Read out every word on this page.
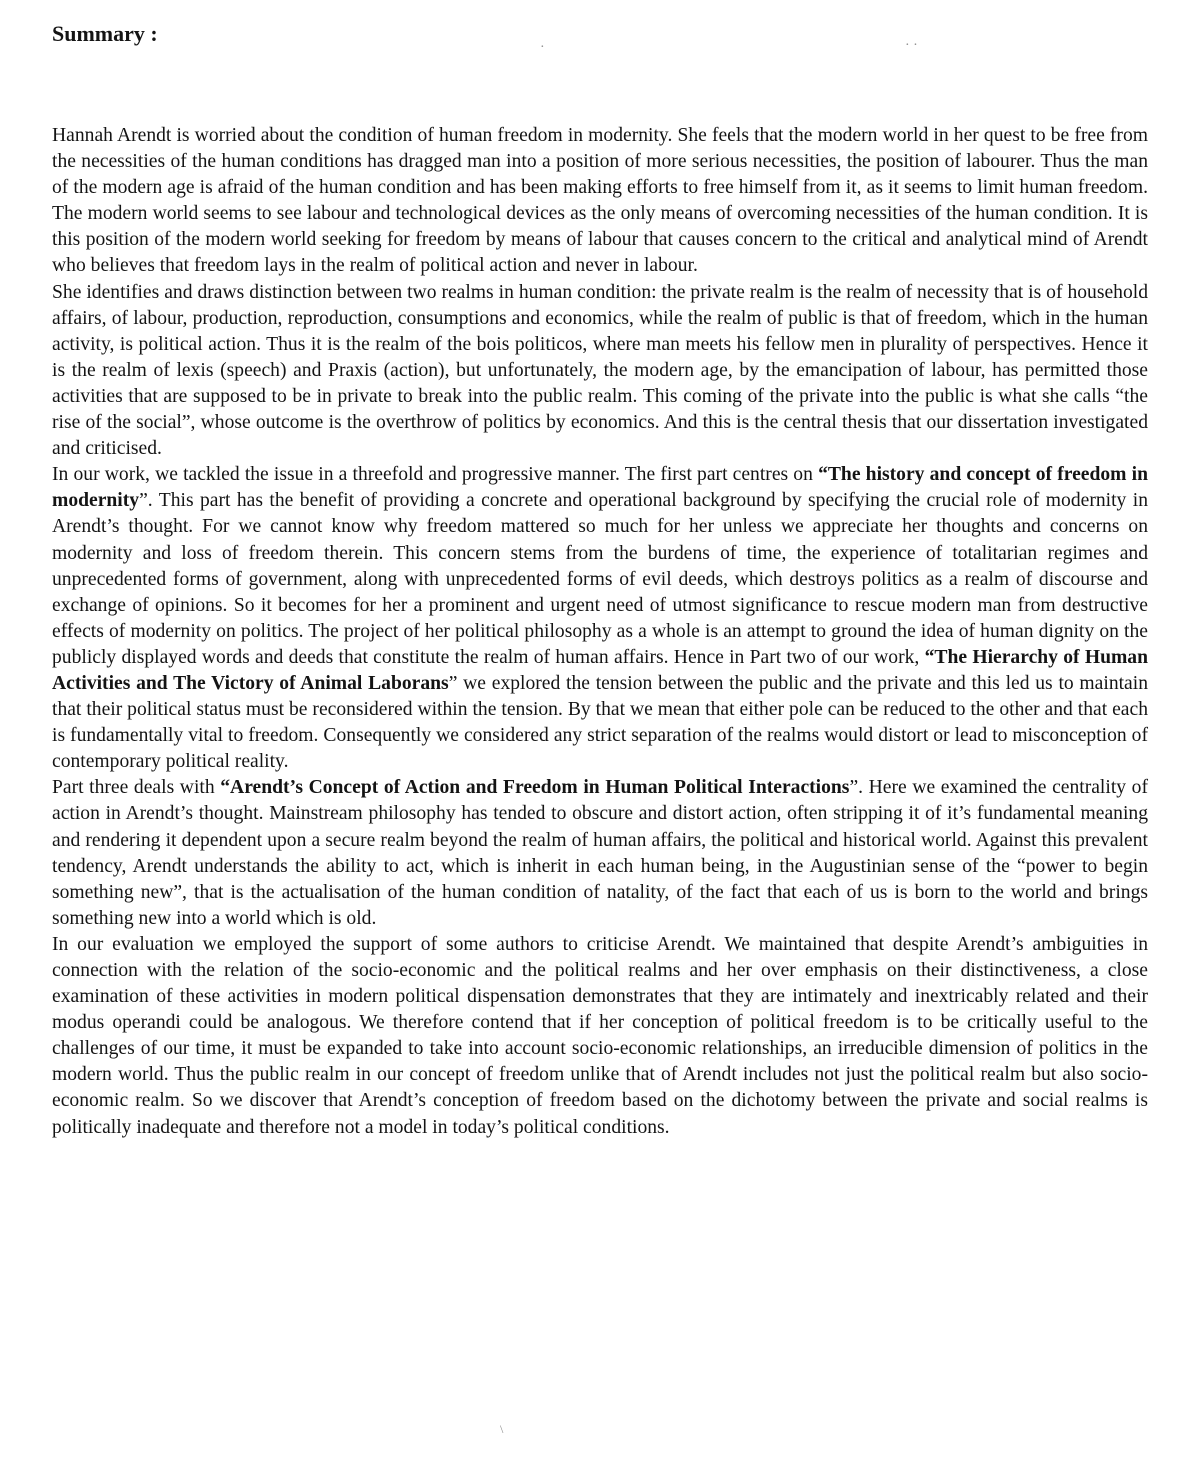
Summary :

Hannah Arendt is worried about the condition of human freedom in modernity. She feels that the modern world in her quest to be free from the necessities of the human conditions has dragged man into a position of more serious necessities, the position of labourer. Thus the man of the modern age is afraid of the human condition and has been making efforts to free himself from it, as it seems to limit human freedom. The modern world seems to see labour and technological devices as the only means of overcoming necessities of the human condition. It is this position of the modern world seeking for freedom by means of labour that causes concern to the critical and analytical mind of Arendt who believes that freedom lays in the realm of political action and never in labour.

She identifies and draws distinction between two realms in human condition: the private realm is the realm of necessity that is of household affairs, of labour, production, reproduction, consumptions and economics, while the realm of public is that of freedom, which in the human activity, is political action. Thus it is the realm of the bois politicos, where man meets his fellow men in plurality of perspectives. Hence it is the realm of lexis (speech) and Praxis (action), but unfortunately, the modern age, by the emancipation of labour, has permitted those activities that are supposed to be in private to break into the public realm. This coming of the private into the public is what she calls “the rise of the social”, whose outcome is the overthrow of politics by economics. And this is the central thesis that our dissertation investigated and criticised.

In our work, we tackled the issue in a threefold and progressive manner. The first part centres on “The history and concept of freedom in modernity”. This part has the benefit of providing a concrete and operational background by specifying the crucial role of modernity in Arendt’s thought. For we cannot know why freedom mattered so much for her unless we appreciate her thoughts and concerns on modernity and loss of freedom therein. This concern stems from the burdens of time, the experience of totalitarian regimes and unprecedented forms of government, along with unprecedented forms of evil deeds, which destroys politics as a realm of discourse and exchange of opinions. So it becomes for her a prominent and urgent need of utmost significance to rescue modern man from destructive effects of modernity on politics. The project of her political philosophy as a whole is an attempt to ground the idea of human dignity on the publicly displayed words and deeds that constitute the realm of human affairs. Hence in Part two of our work, “The Hierarchy of Human Activities and The Victory of Animal Laborans” we explored the tension between the public and the private and this led us to maintain that their political status must be reconsidered within the tension. By that we mean that either pole can be reduced to the other and that each is fundamentally vital to freedom. Consequently we considered any strict separation of the realms would distort or lead to misconception of contemporary political reality.

Part three deals with “Arendt’s Concept of Action and Freedom in Human Political Interactions”. Here we examined the centrality of action in Arendt’s thought. Mainstream philosophy has tended to obscure and distort action, often stripping it of it’s fundamental meaning and rendering it dependent upon a secure realm beyond the realm of human affairs, the political and historical world. Against this prevalent tendency, Arendt understands the ability to act, which is inherit in each human being, in the Augustinian sense of the “power to begin something new”, that is the actualisation of the human condition of natality, of the fact that each of us is born to the world and brings something new into a world which is old.

In our evaluation we employed the support of some authors to criticise Arendt. We maintained that despite Arendt’s ambiguities in connection with the relation of the socio-economic and the political realms and her over emphasis on their distinctiveness, a close examination of these activities in modern political dispensation demonstrates that they are intimately and inextricably related and their modus operandi could be analogous. We therefore contend that if her conception of political freedom is to be critically useful to the challenges of our time, it must be expanded to take into account socio-economic relationships, an irreducible dimension of politics in the modern world. Thus the public realm in our concept of freedom unlike that of Arendt includes not just the political realm but also socio-economic realm. So we discover that Arendt’s conception of freedom based on the dichotomy between the private and social realms is politically inadequate and therefore not a model in today’s political conditions.

·	· ·
\
